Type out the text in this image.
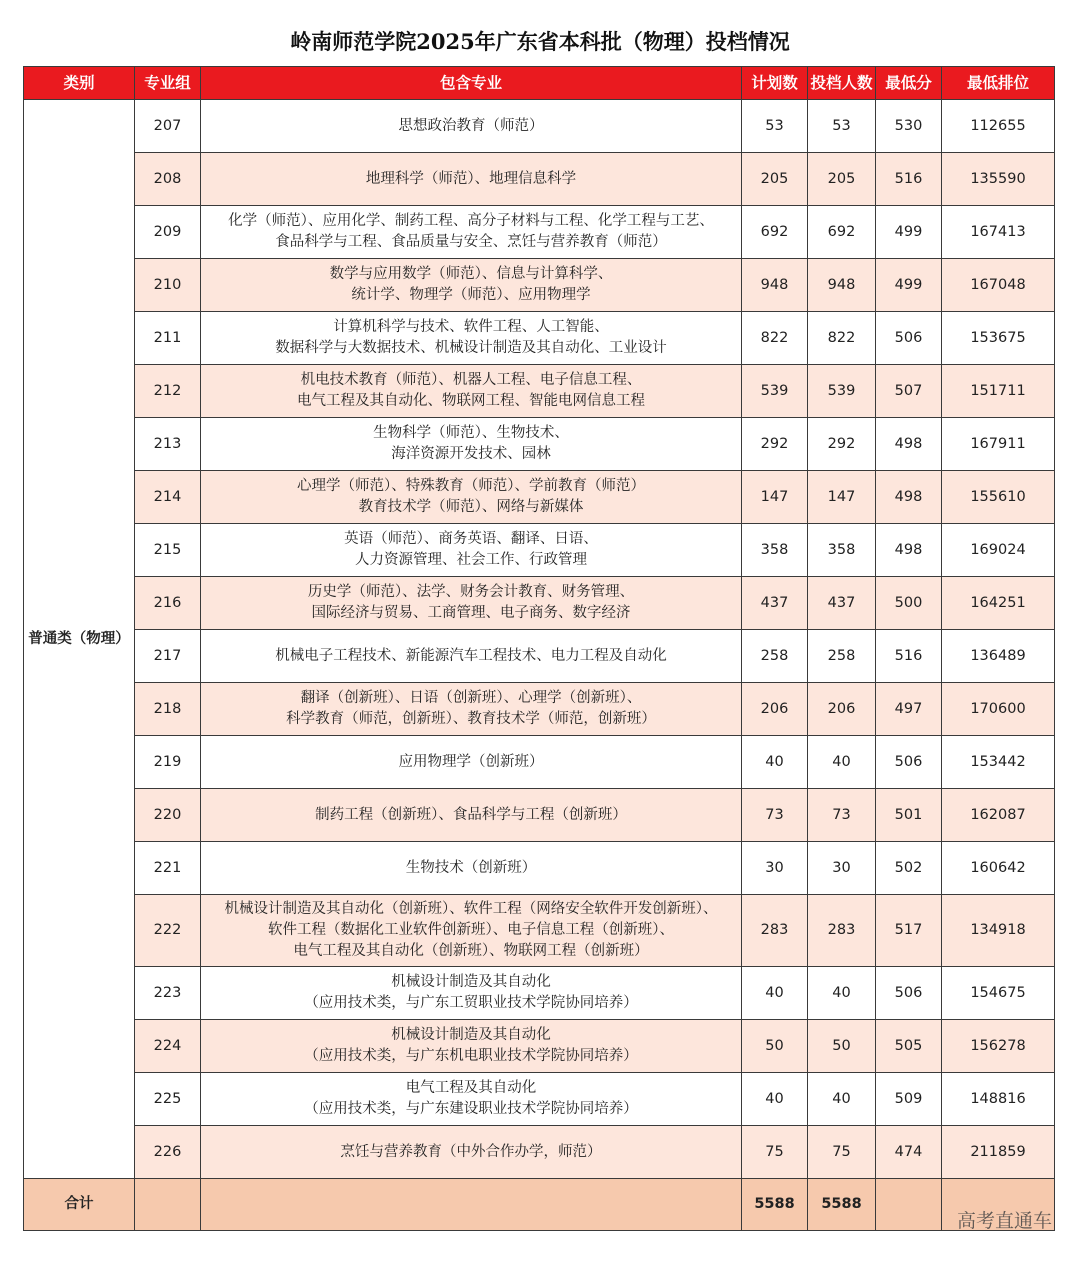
岭南师范学院2025年广东省本科批（物理）投档情况
类别	专业组	包含专业	计划数	投档人数	最低分	最低排位
普通类（物理）	207	思想政治教育（师范）	53	53	530	112655
	208	地理科学（师范）、地理信息科学	205	205	516	135590
	209	化学（师范）、应用化学、制药工程、高分子材料与工程、化学工程与工艺、
食品科学与工程、食品质量与安全、烹饪与营养教育（师范）	692	692	499	167413
	210	数学与应用数学（师范）、信息与计算科学、
统计学、物理学（师范）、应用物理学	948	948	499	167048
	211	计算机科学与技术、软件工程、人工智能、
数据科学与大数据技术、机械设计制造及其自动化、工业设计	822	822	506	153675
	212	机电技术教育（师范）、机器人工程、电子信息工程、
电气工程及其自动化、物联网工程、智能电网信息工程	539	539	507	151711
	213	生物科学（师范）、生物技术、
海洋资源开发技术、园林	292	292	498	167911
	214	心理学（师范）、特殊教育（师范）、学前教育（师范）
教育技术学（师范）、网络与新媒体	147	147	498	155610
	215	英语（师范）、商务英语、翻译、日语、
人力资源管理、社会工作、行政管理	358	358	498	169024
	216	历史学（师范）、法学、财务会计教育、财务管理、
国际经济与贸易、工商管理、电子商务、数字经济	437	437	500	164251
	217	机械电子工程技术、新能源汽车工程技术、电力工程及自动化	258	258	516	136489
	218	翻译（创新班）、日语（创新班）、心理学（创新班）、
科学教育（师范，创新班）、教育技术学（师范，创新班）	206	206	497	170600
	219	应用物理学（创新班）	40	40	506	153442
	220	制药工程（创新班）、食品科学与工程（创新班）	73	73	501	162087
	221	生物技术（创新班）	30	30	502	160642
	222	机械设计制造及其自动化（创新班）、软件工程（网络安全软件开发创新班）、
软件工程（数据化工业软件创新班）、电子信息工程（创新班）、
电气工程及其自动化（创新班）、物联网工程（创新班）	283	283	517	134918
	223	机械设计制造及其自动化
（应用技术类，与广东工贸职业技术学院协同培养）	40	40	506	154675
	224	机械设计制造及其自动化
（应用技术类，与广东机电职业技术学院协同培养）	50	50	505	156278
	225	电气工程及其自动化
（应用技术类，与广东建设职业技术学院协同培养）	40	40	509	148816
	226	烹饪与营养教育（中外合作办学，师范）	75	75	474	211859
合计			5588	5588		
高考直通车
